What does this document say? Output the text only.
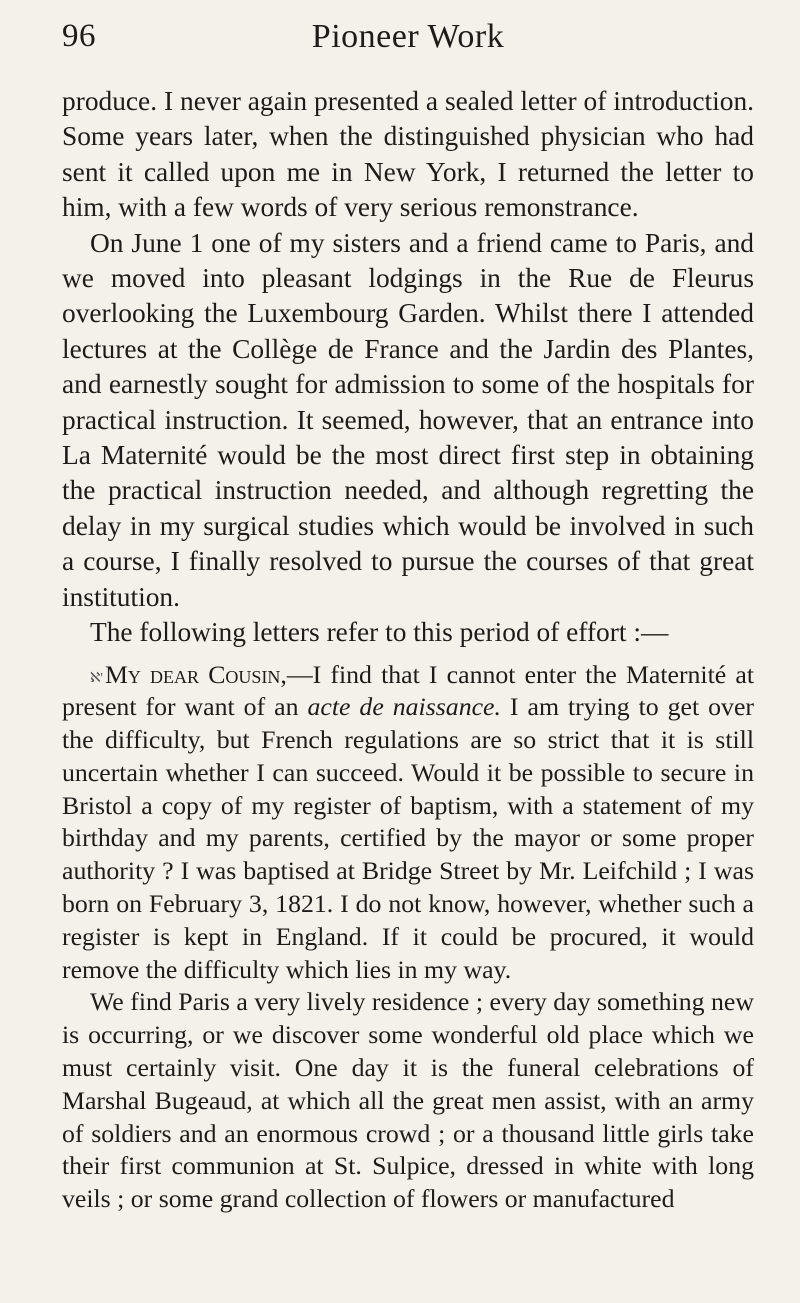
96	Pioneer Work

produce. I never again presented a sealed letter of introduction. Some years later, when the distinguished physician who had sent it called upon me in New York, I returned the letter to him, with a few words of very serious remonstrance.

On June 1 one of my sisters and a friend came to Paris, and we moved into pleasant lodgings in the Rue de Fleurus overlooking the Luxembourg Garden. Whilst there I attended lectures at the Collège de France and the Jardin des Plantes, and earnestly sought for admission to some of the hospitals for practical instruction. It seemed, however, that an entrance into La Maternité would be the most direct first step in obtaining the practical instruction needed, and although regretting the delay in my surgical studies which would be involved in such a course, I finally resolved to pursue the courses of that great institution.

The following letters refer to this period of effort :—

$^{ℵ'}$My dear Cousin,—I find that I cannot enter the Maternité at present for want of an acte de naissance. I am trying to get over the difficulty, but French regulations are so strict that it is still uncertain whether I can succeed. Would it be possible to secure in Bristol a copy of my register of baptism, with a statement of my birthday and my parents, certified by the mayor or some proper authority ? I was baptised at Bridge Street by Mr. Leifchild ; I was born on February 3, 1821. I do not know, however, whether such a register is kept in England. If it could be procured, it would remove the difficulty which lies in my way.

We find Paris a very lively residence ; every day something new is occurring, or we discover some wonderful old place which we must certainly visit. One day it is the funeral celebrations of Marshal Bugeaud, at which all the great men assist, with an army of soldiers and an enormous crowd ; or a thousand little girls take their first communion at St. Sulpice, dressed in white with long veils ; or some grand collection of flowers or manufactured
